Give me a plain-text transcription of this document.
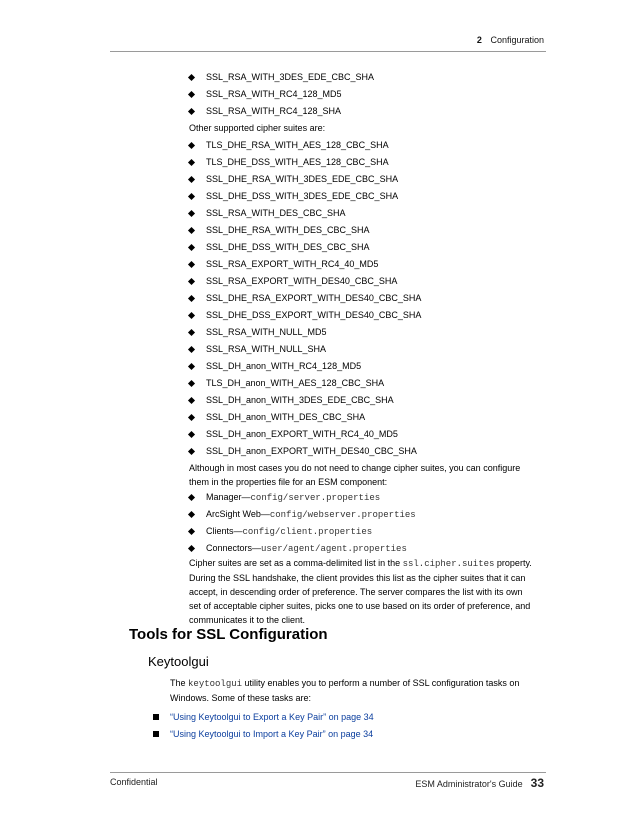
2 Configuration
SSL_RSA_WITH_3DES_EDE_CBC_SHA
SSL_RSA_WITH_RC4_128_MD5
SSL_RSA_WITH_RC4_128_SHA
Other supported cipher suites are:
TLS_DHE_RSA_WITH_AES_128_CBC_SHA
TLS_DHE_DSS_WITH_AES_128_CBC_SHA
SSL_DHE_RSA_WITH_3DES_EDE_CBC_SHA
SSL_DHE_DSS_WITH_3DES_EDE_CBC_SHA
SSL_RSA_WITH_DES_CBC_SHA
SSL_DHE_RSA_WITH_DES_CBC_SHA
SSL_DHE_DSS_WITH_DES_CBC_SHA
SSL_RSA_EXPORT_WITH_RC4_40_MD5
SSL_RSA_EXPORT_WITH_DES40_CBC_SHA
SSL_DHE_RSA_EXPORT_WITH_DES40_CBC_SHA
SSL_DHE_DSS_EXPORT_WITH_DES40_CBC_SHA
SSL_RSA_WITH_NULL_MD5
SSL_RSA_WITH_NULL_SHA
SSL_DH_anon_WITH_RC4_128_MD5
TLS_DH_anon_WITH_AES_128_CBC_SHA
SSL_DH_anon_WITH_3DES_EDE_CBC_SHA
SSL_DH_anon_WITH_DES_CBC_SHA
SSL_DH_anon_EXPORT_WITH_RC4_40_MD5
SSL_DH_anon_EXPORT_WITH_DES40_CBC_SHA
Although in most cases you do not need to change cipher suites, you can configure
them in the properties file for an ESM component:
Manager—config/server.properties
ArcSight Web—config/webserver.properties
Clients—config/client.properties
Connectors—user/agent/agent.properties
Cipher suites are set as a comma-delimited list in the ssl.cipher.suites property.
During the SSL handshake, the client provides this list as the cipher suites that it can
accept, in descending order of preference. The server compares the list with its own
set of acceptable cipher suites, picks one to use based on its order of preference, and
communicates it to the client.
Tools for SSL Configuration
Keytoolgui
The keytoolgui utility enables you to perform a number of SSL configuration tasks on
Windows. Some of these tasks are:
“Using Keytoolgui to Export a Key Pair” on page 34
“Using Keytoolgui to Import a Key Pair” on page 34
Confidential	ESM Administrator's Guide 33
